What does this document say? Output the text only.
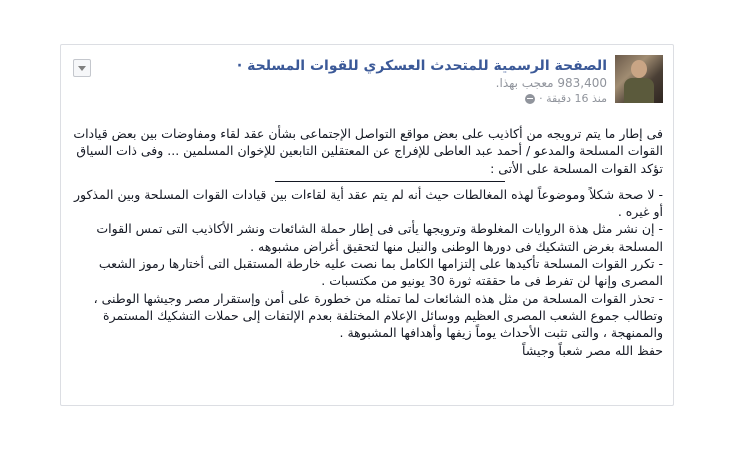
الصفحة الرسمية للمتحدث العسكري للقوات المسلحة ·
983,400 معجب بهذا.
منذ 16 دقيقة ·

فى إطار ما يتم ترويجه من أكاذيب على بعض مواقع التواصل الإجتماعى بشأن عقد لقاء ومفاوضات بين بعض قيادات القوات المسلحة والمدعو / أحمد عبد العاطى للإفراج عن المعتقلين التابعين للإخوان المسلمين ... وفى ذات السياق تؤكد القوات المسلحة على الأتى :

- لا صحة شكلاً وموضوعاً لهذه المغالطات حيث أنه لم يتم عقد أية لقاءات بين قيادات القوات المسلحة وبين المذكور أو غيره .

- إن نشر مثل هذة الروايات المغلوطة وترويجها يأتى فى إطار حملة الشائعات ونشر الأكاذيب التى تمس القوات المسلحة بغرض التشكيك فى دورها الوطنى والنيل منها لتحقيق أغراض مشبوهه .

- تكرر القوات المسلحة تأكيدها على إلتزامها الكامل بما نصت عليه خارطة المستقبل التى أختارها رموز الشعب المصرى وإنها لن تفرط فى ما حققته ثورة 30 يونيو من مكتسبات .

- تحذر القوات المسلحة من مثل هذه الشائعات لما تمثله من خطورة على أمن وإستقرار مصر وجيشها الوطنى ، وتطالب جموع الشعب المصرى العظيم ووسائل الإعلام المختلفة بعدم الإلتفات إلى حملات التشكيك المستمرة والممنهجة ، والتى تثبت الأحداث يوماً زيفها وأهدافها المشبوهة .

حفظ الله مصر شعباً وجيشاً
